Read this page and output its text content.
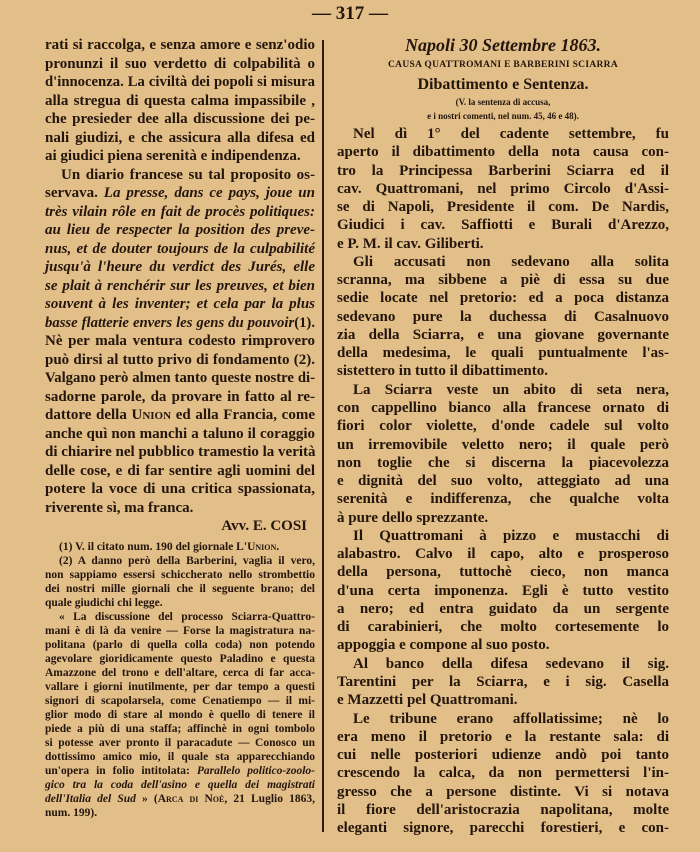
— 317 —
rati si raccolga, e senza amore e senz'odio
pronunzi il suo verdetto di colpabilità o
d'innocenza. La civiltà dei popoli si misura
alla stregua di questa calma impassibile ,
che presieder dee alla discussione dei pe-
nali giudizi, e che assicura alla difesa ed
ai giudici piena serenità e indipendenza.
Un diario francese su tal proposito os-
servava. La presse, dans ce pays, joue un
très vilain rôle en fait de procès politiques:
au lieu de respecter la position des preve-
nus, et de douter toujours de la culpabilité
jusqu'à l'heure du verdict des Jurés, elle
se plait à renchérir sur les preuves, et bien
souvent à les inventer; et cela par la plus
basse flatterie envers les gens du pouvoir(1).
Nè per mala ventura codesto rimprovero
può dirsi al tutto privo di fondamento (2).
Valgano però almen tanto queste nostre di-
sadorne parole, da provare in fatto al re-
dattore della Union ed alla Francia, come
anche quì non manchi a taluno il coraggio
di chiarire nel pubblico tramestio la verità
delle cose, e di far sentire agli uomini del
potere la voce di una critica spassionata,
riverente sì, ma franca.
Avv. E. COSI
(1) V. il citato num. 190 del giornale L'Union.
(2) A danno però della Barberini, vaglia il vero,
non sappiamo essersi schiccherato nello strombettio
dei nostri mille giornali che il seguente brano; del
quale giudichi chi legge.
« La discussione del processo Sciarra-Quattro-
mani è di là da venire — Forse la magistratura na-
politana (parlo di quella colla coda) non potendo
agevolare gioridicamente questo Paladino e questa
Amazzone del trono e dell'altare, cerca di far acca-
vallare i giorni inutilmente, per dar tempo a questi
signori di scapolarsela, come Cenatiempo — il mi-
glior modo di stare al mondo è quello di tenere il
piede a più di una staffa; affinchè in ogni tombolo
si potesse aver pronto il paracadute — Conosco un
dottissimo amico mio, il quale sta apparecchiando
un'opera in folio intitolata: Parallelo politico-zoolo-
gico tra la coda dell'asino e quella dei magistrati
dell'Italia del Sud » (Arca di Noè, 21 Luglio 1863,
num. 199).
Napoli 30 Settembre 1863.
CAUSA QUATTROMANI E BARBERINI SCIARRA
Dibattimento e Sentenza.
(V. la sentenza di accusa,
e i nostri comenti, nel num. 45, 46 e 48).
Nel dì 1° del cadente settembre, fu
aperto il dibattimento della nota causa con-
tro la Principessa Barberini Sciarra ed il
cav. Quattromani, nel primo Circolo d'Assi-
se di Napoli, Presidente il com. De Nardis,
Giudici i cav. Saffiotti e Burali d'Arezzo,
e P. M. il cav. Giliberti.
Gli accusati non sedevano alla solita
scranna, ma sibbene a piè di essa su due
sedie locate nel pretorio: ed a poca distanza
sedevano pure la duchessa di Casalnuovo
zia della Sciarra, e una giovane governante
della medesima, le quali puntualmente l'as-
sistettero in tutto il dibattimento.
La Sciarra veste un abito di seta nera,
con cappellino bianco alla francese ornato di
fiori color violette, d'onde cadele sul volto
un irremovibile veletto nero; il quale però
non toglie che si discerna la piacevolezza
e dignità del suo volto, atteggiato ad una
serenità e indifferenza, che qualche volta
à pure dello sprezzante.
Il Quattromani à pizzo e mustacchi di
alabastro. Calvo il capo, alto e prosperoso
della persona, tuttochè cieco, non manca
d'una certa imponenza. Egli è tutto vestito
a nero; ed entra guidato da un sergente
di carabinieri, che molto cortesemente lo
appoggia e compone al suo posto.
Al banco della difesa sedevano il sig.
Tarentini per la Sciarra, e i sig. Casella
e Mazzetti pel Quattromani.
Le tribune erano affollatissime; nè lo
era meno il pretorio e la restante sala: di
cui nelle posteriori udienze andò poi tanto
crescendo la calca, da non permettersi l'in-
gresso che a persone distinte. Vi si notava
il fiore dell'aristocrazia napolitana, molte
eleganti signore, parecchi forestieri, e con-
